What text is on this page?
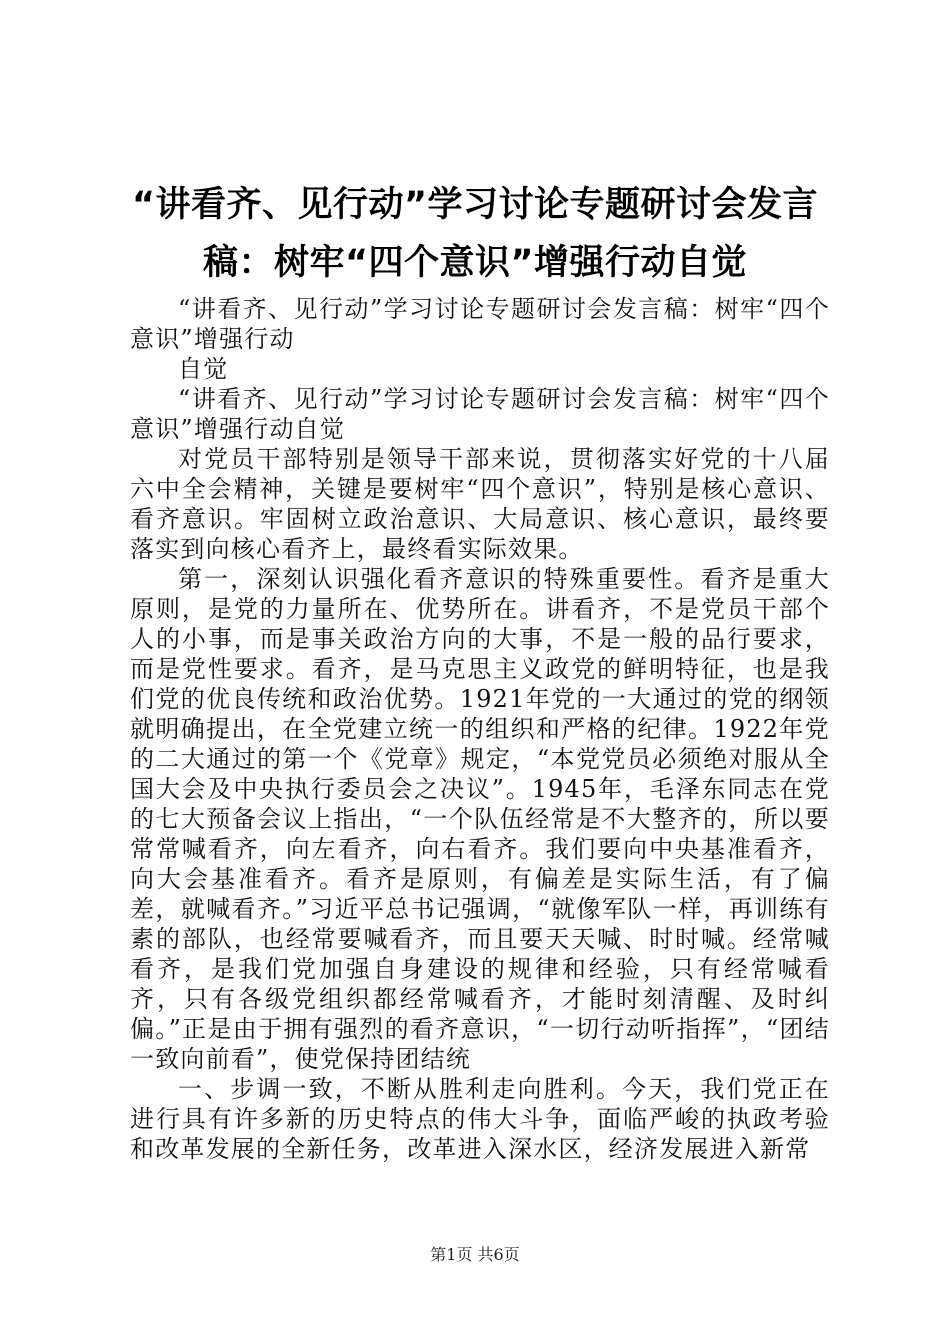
“讲看齐、见行动”学习讨论专题研讨会发言
稿：树牢“四个意识”增强行动自觉

“讲看齐、见行动”学习讨论专题研讨会发言稿：树牢“四个意识”增强行动

自觉

“讲看齐、见行动”学习讨论专题研讨会发言稿：树牢“四个意识”增强行动自觉

对党员干部特别是领导干部来说，贯彻落实好党的十八届六中全会精神，关键是要树牢“四个意识”，特别是核心意识、看齐意识。牢固树立政治意识、大局意识、核心意识，最终要落实到向核心看齐上，最终看实际效果。

第一，深刻认识强化看齐意识的特殊重要性。看齐是重大原则，是党的力量所在、优势所在。讲看齐，不是党员干部个人的小事，而是事关政治方向的大事，不是一般的品行要求，而是党性要求。看齐，是马克思主义政党的鲜明特征，也是我们党的优良传统和政治优势。1921年党的一大通过的党的纲领就明确提出，在全党建立统一的组织和严格的纪律。1922年党的二大通过的第一个《党章》规定，“本党党员必须绝对服从全国大会及中央执行委员会之决议”。1945年，毛泽东同志在党的七大预备会议上指出，“一个队伍经常是不大整齐的，所以要常常喊看齐，向左看齐，向右看齐。我们要向中央基准看齐，向大会基准看齐。看齐是原则，有偏差是实际生活，有了偏差，就喊看齐。”习近平总书记强调，“就像军队一样，再训练有素的部队，也经常要喊看齐，而且要天天喊、时时喊。经常喊看齐，是我们党加强自身建设的规律和经验，只有经常喊看齐，只有各级党组织都经常喊看齐，才能时刻清醒、及时纠偏。”正是由于拥有强烈的看齐意识，“一切行动听指挥”，“团结一致向前看”，使党保持团结统

一、步调一致，不断从胜利走向胜利。今天，我们党正在进行具有许多新的历史特点的伟大斗争，面临严峻的执政考验和改革发展的全新任务，改革进入深水区，经济发展进入新常

第1页 共6页
